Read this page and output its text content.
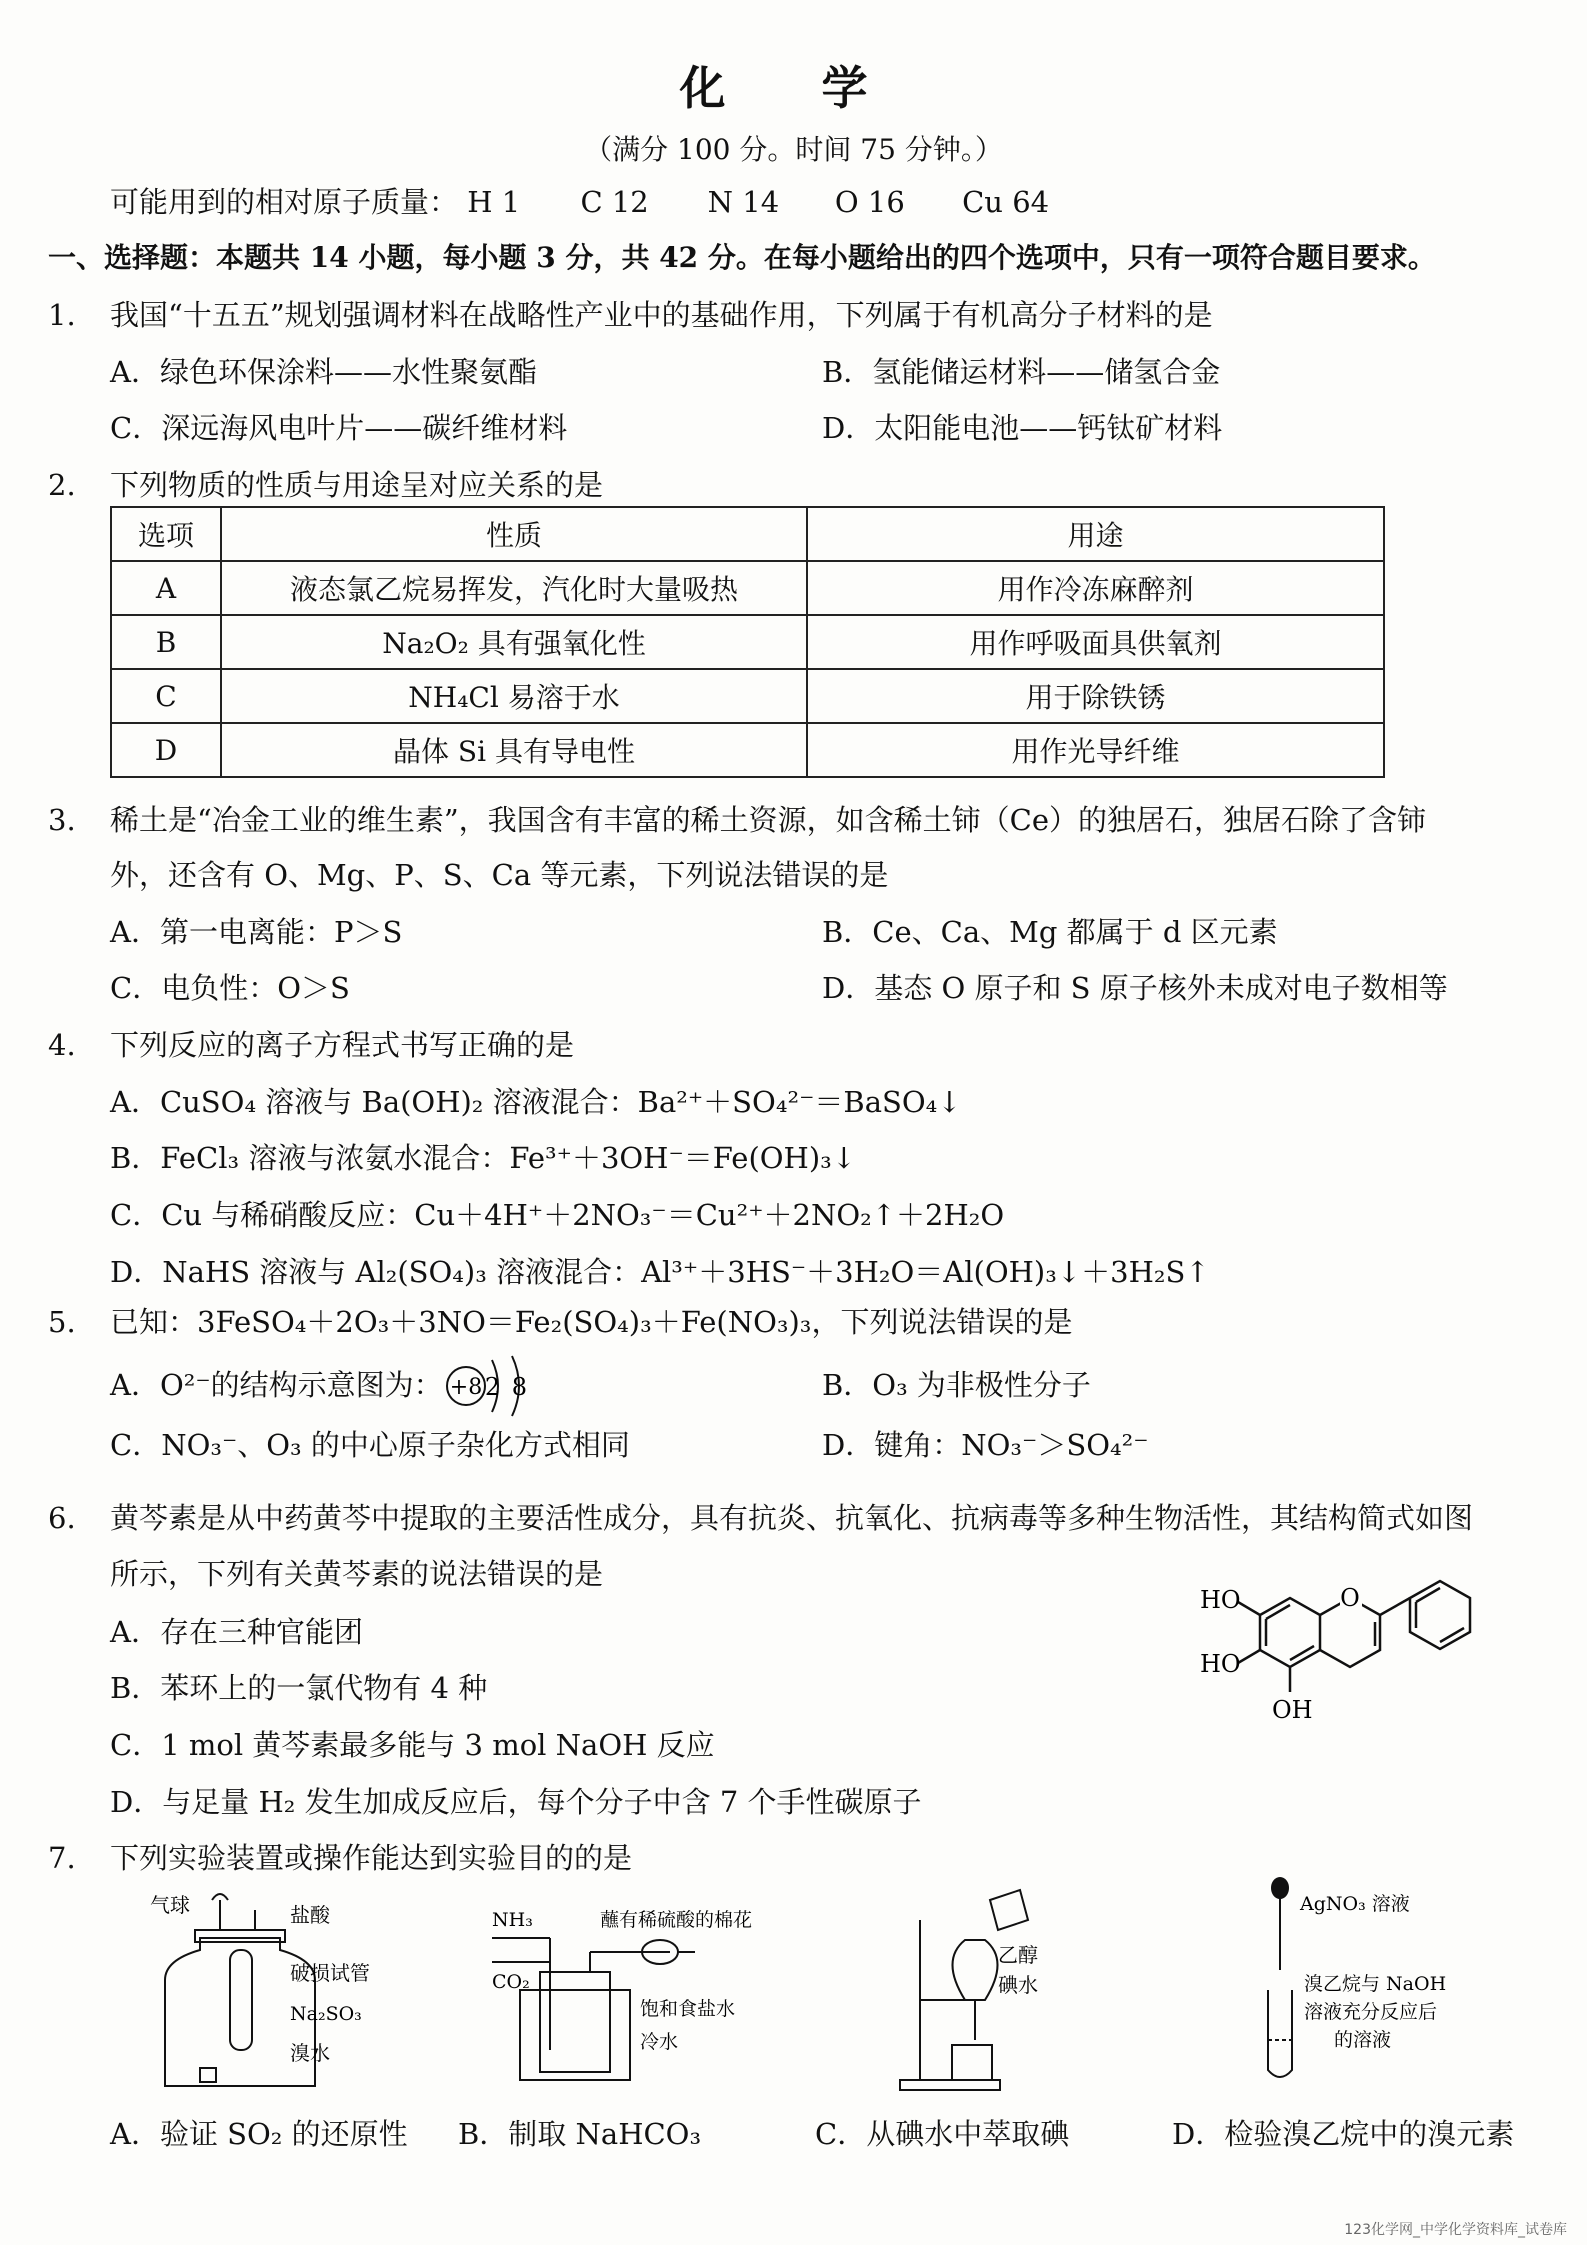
化 学
（满分 100 分。时间 75 分钟。）
可能用到的相对原子质量： H 1 C 12 N 14 O 16 Cu 64
一、选择题：本题共 14 小题，每小题 3 分，共 42 分。在每小题给出的四个选项中，只有一项符合题目要求。
1. 我国“十五五”规划强调材料在战略性产业中的基础作用，下列属于有机高分子材料的是
A．绿色环保涂料——水性聚氨酯	B．氢能储运材料——储氢合金
C．深远海风电叶片——碳纤维材料	D．太阳能电池——钙钛矿材料
2. 下列物质的性质与用途呈对应关系的是
选项	性质	用途
A	液态氯乙烷易挥发，汽化时大量吸热	用作冷冻麻醉剂
B	Na₂O₂ 具有强氧化性	用作呼吸面具供氧剂
C	NH₄Cl 易溶于水	用于除铁锈
D	晶体 Si 具有导电性	用作光导纤维
3. 稀土是“冶金工业的维生素”，我国含有丰富的稀土资源，如含稀土铈（Ce）的独居石，独居石除了含铈
外，还含有 O、Mg、P、S、Ca 等元素，下列说法错误的是
A．第一电离能：P＞S	B．Ce、Ca、Mg 都属于 d 区元素
C．电负性：O＞S	D．基态 O 原子和 S 原子核外未成对电子数相等
4. 下列反应的离子方程式书写正确的是
A．CuSO₄ 溶液与 Ba(OH)₂ 溶液混合：Ba²⁺＋SO₄²⁻＝BaSO₄↓
B．FeCl₃ 溶液与浓氨水混合：Fe³⁺＋3OH⁻＝Fe(OH)₃↓
C．Cu 与稀硝酸反应：Cu＋4H⁺＋2NO₃⁻＝Cu²⁺＋2NO₂↑＋2H₂O
D．NaHS 溶液与 Al₂(SO₄)₃ 溶液混合：Al³⁺＋3HS⁻＋3H₂O＝Al(OH)₃↓＋3H₂S↑
5. 已知：3FeSO₄＋2O₃＋3NO＝Fe₂(SO₄)₃＋Fe(NO₃)₃，下列说法错误的是
A．O²⁻的结构示意图为： +8 2 8	B．O₃ 为非极性分子
C．NO₃⁻、O₃ 的中心原子杂化方式相同	D．键角：NO₃⁻＞SO₄²⁻
6. 黄芩素是从中药黄芩中提取的主要活性成分，具有抗炎、抗氧化、抗病毒等多种生物活性，其结构简式如图
所示，下列有关黄芩素的说法错误的是
A．存在三种官能团
B．苯环上的一氯代物有 4 种
C．1 mol 黄芩素最多能与 3 mol NaOH 反应
D．与足量 H₂ 发生加成反应后，每个分子中含 7 个手性碳原子
O
HO
HO
OH
7. 下列实验装置或操作能达到实验目的的是
气球	盐酸
破损试管
Na₂SO₃
溴水
NH₃
CO₂
蘸有稀硫酸的棉花
饱和食盐水
冷水
乙醇
碘水
AgNO₃ 溶液
溴乙烷与 NaOH
溶液充分反应后
的溶液
A．验证 SO₂ 的还原性 B．制取 NaHCO₃	C．从碘水中萃取碘	D．检验溴乙烷中的溴元素
123化学网_中学化学资料库_试卷库
